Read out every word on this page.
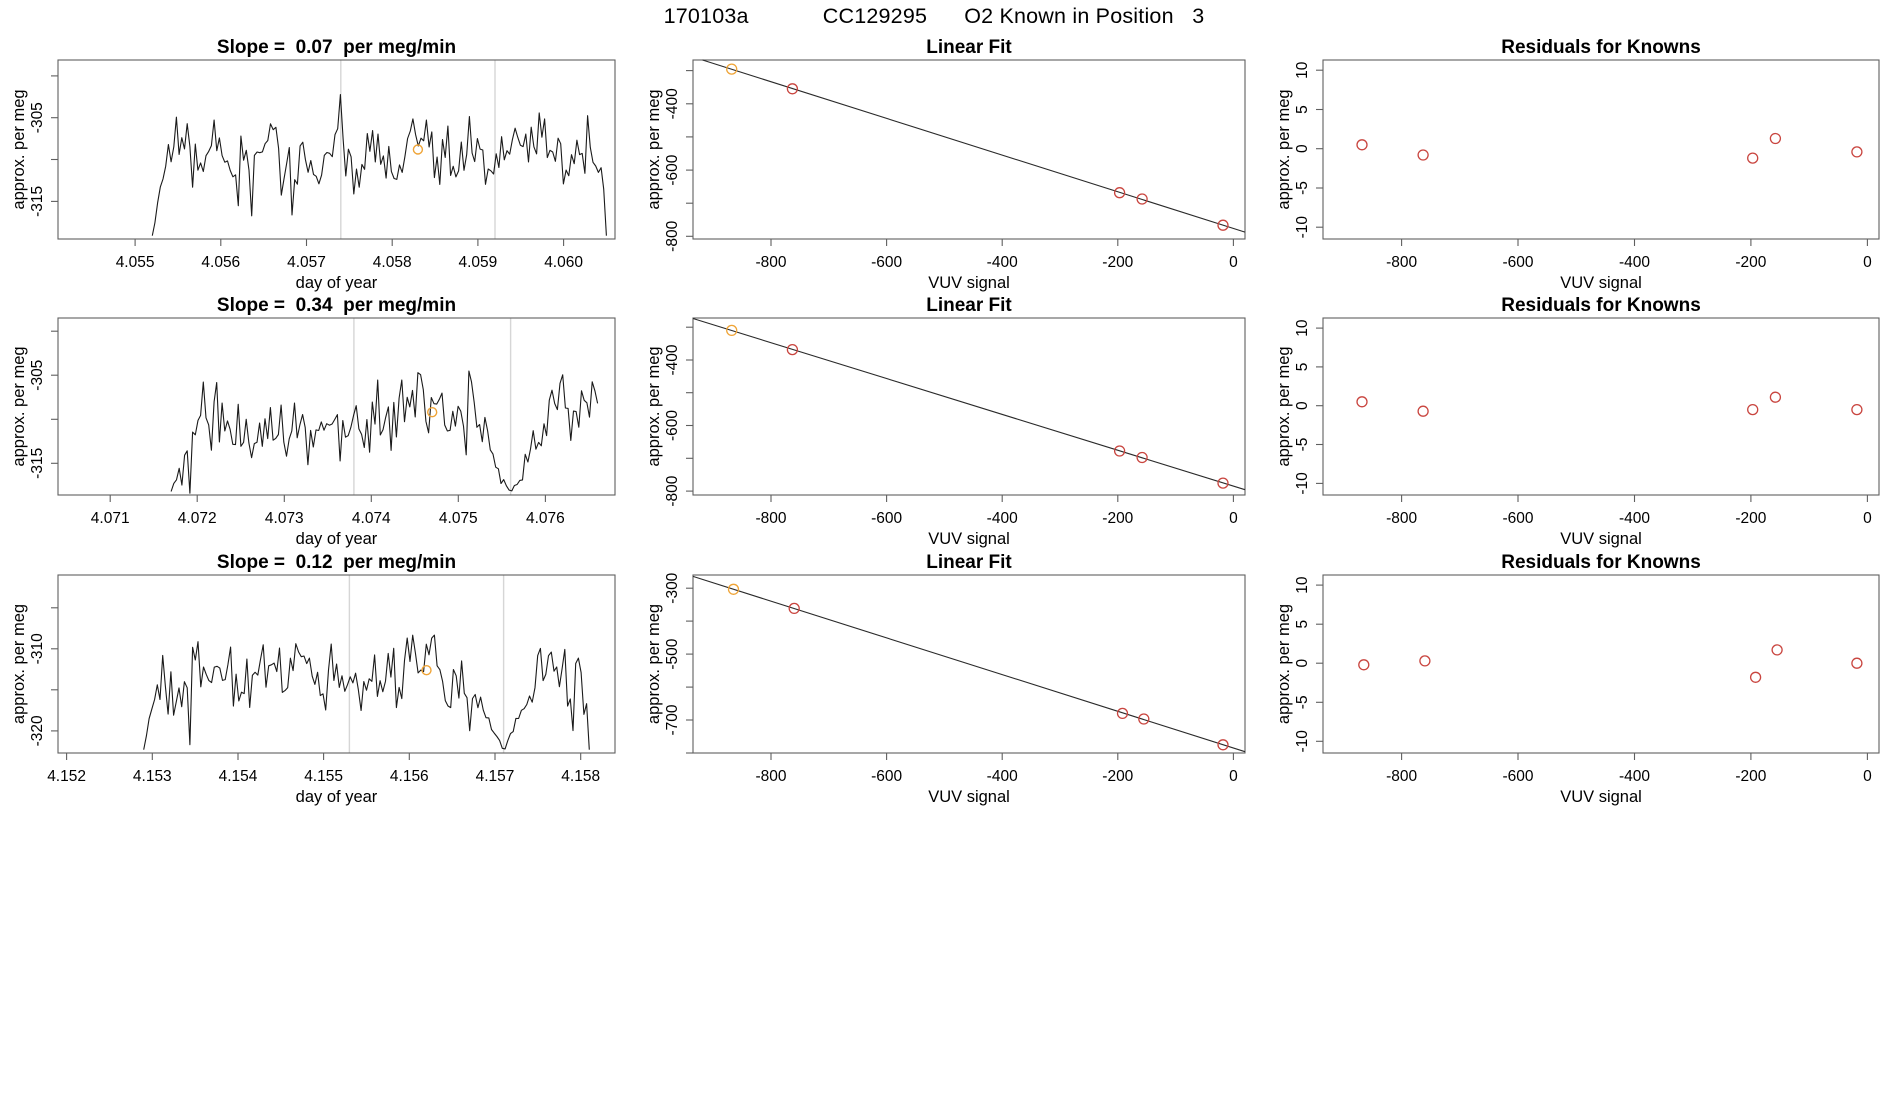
170103a            CC129295      O2 Known in Position   3
Slope =  0.07  per meg/min
4.055	4.056	4.057	4.058	4.059	4.060
day of year
-305
-315
approx. per meg
Linear Fit
-800	-600	-400	-200	0
VUV signal
-400
-600
-800
approx. per meg
Residuals for Knowns
-800	-600	-400	-200	0
VUV signal
10
5
0
-5
-10
approx. per meg
Slope =  0.34  per meg/min
4.071	4.072	4.073	4.074	4.075	4.076
day of year
-305
-315
approx. per meg
Linear Fit
-800	-600	-400	-200	0
VUV signal
-400
-600
-800
approx. per meg
Residuals for Knowns
-800	-600	-400	-200	0
VUV signal
10
5
0
-5
-10
approx. per meg
Slope =  0.12  per meg/min
4.152	4.153	4.154	4.155	4.156	4.157	4.158
day of year
-310
-320
approx. per meg
Linear Fit
-800	-600	-400	-200	0
VUV signal
-300
-500
-700
approx. per meg
Residuals for Knowns
-800	-600	-400	-200	0
VUV signal
10
5
0
-5
-10
approx. per meg
